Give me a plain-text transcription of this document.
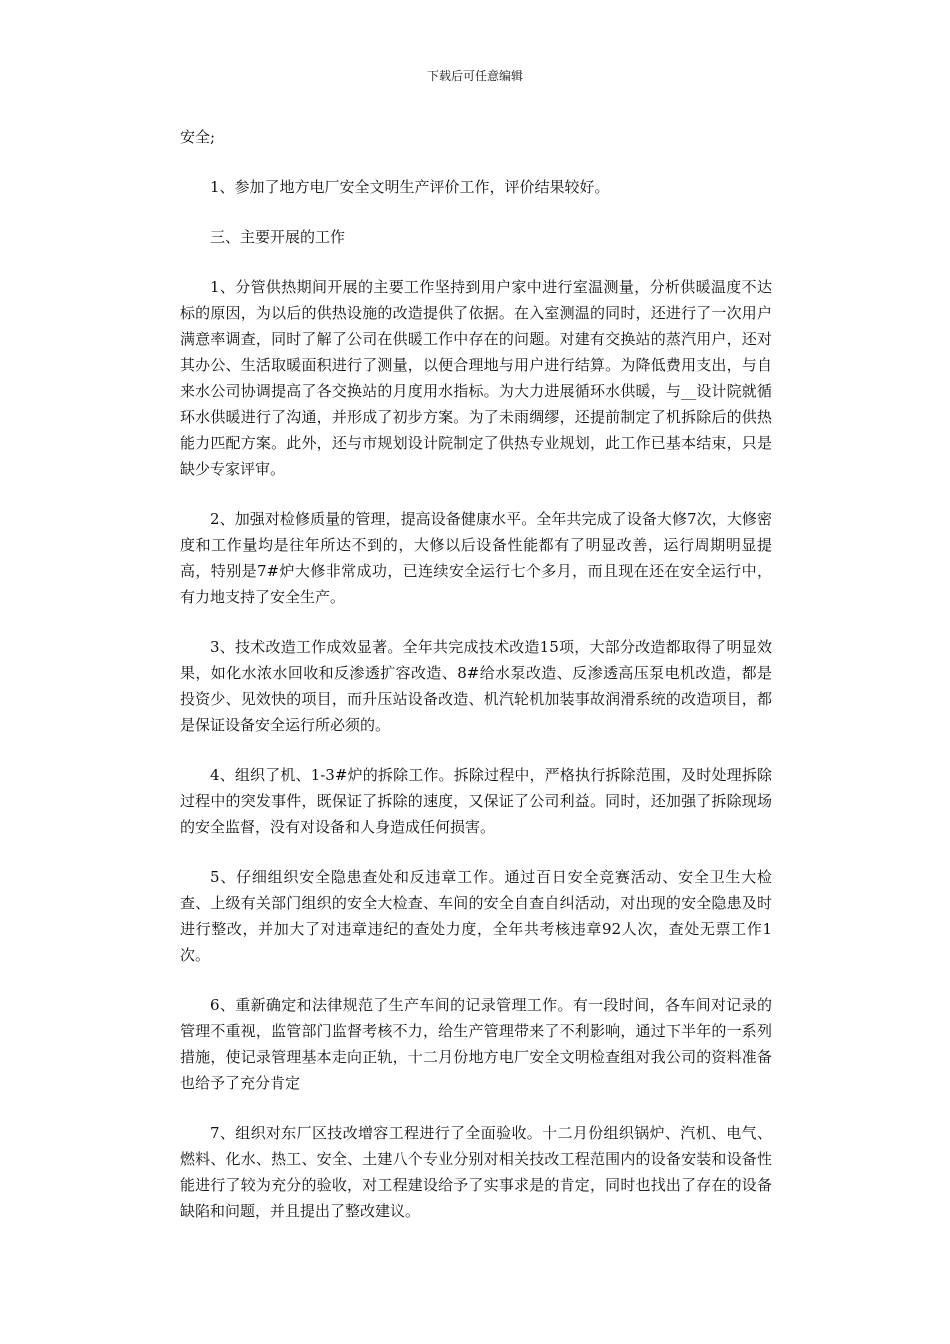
下载后可任意编辑

安全;

1、参加了地方电厂安全文明生产评价工作，评价结果较好。

三、主要开展的工作

1、分管供热期间开展的主要工作坚持到用户家中进行室温测量，分析供暖温度不达标的原因，为以后的供热设施的改造提供了依据。在入室测温的同时，还进行了一次用户满意率调查，同时了解了公司在供暖工作中存在的问题。对建有交换站的蒸汽用户，还对其办公、生活取暖面积进行了测量，以便合理地与用户进行结算。为降低费用支出，与自来水公司协调提高了各交换站的月度用水指标。为大力进展循环水供暖，与__设计院就循环水供暖进行了沟通，并形成了初步方案。为了未雨绸缪，还提前制定了机拆除后的供热能力匹配方案。此外，还与市规划设计院制定了供热专业规划，此工作已基本结束，只是缺少专家评审。

2、加强对检修质量的管理，提高设备健康水平。全年共完成了设备大修7次，大修密度和工作量均是往年所达不到的，大修以后设备性能都有了明显改善，运行周期明显提高，特别是7#炉大修非常成功，已连续安全运行七个多月，而且现在还在安全运行中，有力地支持了安全生产。

3、技术改造工作成效显著。全年共完成技术改造15项，大部分改造都取得了明显效果，如化水浓水回收和反渗透扩容改造、8#给水泵改造、反渗透高压泵电机改造，都是投资少、见效快的项目，而升压站设备改造、机汽轮机加装事故润滑系统的改造项目，都是保证设备安全运行所必须的。

4、组织了机、1-3#炉的拆除工作。拆除过程中，严格执行拆除范围，及时处理拆除过程中的突发事件，既保证了拆除的速度，又保证了公司利益。同时，还加强了拆除现场的安全监督，没有对设备和人身造成任何损害。

5、仔细组织安全隐患查处和反违章工作。通过百日安全竞赛活动、安全卫生大检查、上级有关部门组织的安全大检查、车间的安全自查自纠活动，对出现的安全隐患及时进行整改，并加大了对违章违纪的查处力度，全年共考核违章92人次，查处无票工作1次。

6、重新确定和法律规范了生产车间的记录管理工作。有一段时间，各车间对记录的管理不重视，监管部门监督考核不力，给生产管理带来了不利影响，通过下半年的一系列措施，使记录管理基本走向正轨，十二月份地方电厂安全文明检查组对我公司的资料准备也给予了充分肯定

7、组织对东厂区技改增容工程进行了全面验收。十二月份组织锅炉、汽机、电气、燃料、化水、热工、安全、土建八个专业分别对相关技改工程范围内的设备安装和设备性能进行了较为充分的验收，对工程建设给予了实事求是的肯定，同时也找出了存在的设备缺陷和问题，并且提出了整改建议。
